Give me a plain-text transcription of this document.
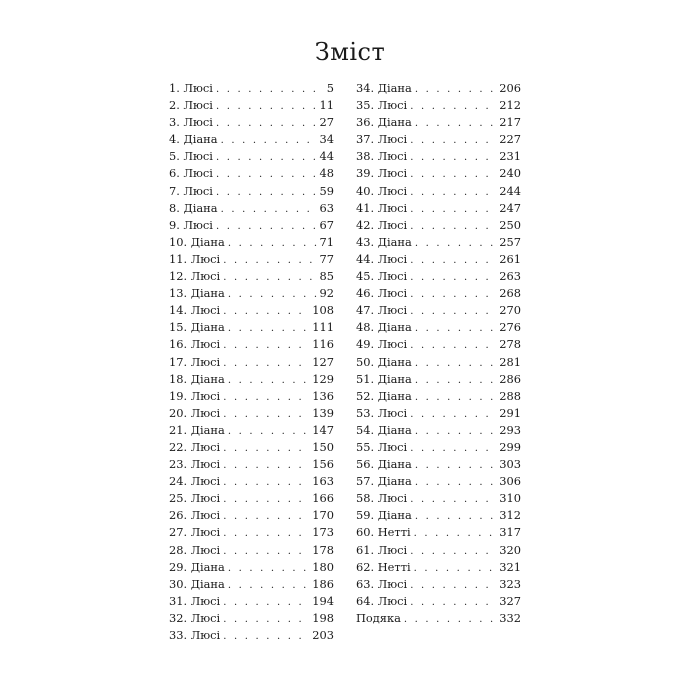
Зміст
1. Люсі . . .	5
2. Люсі . . .	11
3. Люсі . . .	27
4. Діана . . .	34
5. Люсі . . .	44
6. Люсі . . .	48
7. Люсі . . .	59
8. Діана . . .	63
9. Люсі . . .	67
10. Діана . . .	71
11. Люсі . . .	77
12. Люсі . . .	85
13. Діана . . .	92
14. Люсі . . .	108
15. Діана . . .	111
16. Люсі . . .	116
17. Люсі . . .	127
18. Діана . . .	129
19. Люсі . . .	136
20. Люсі . . .	139
21. Діана . . .	147
22. Люсі . . .	150
23. Люсі . . .	156
24. Люсі . . .	163
25. Люсі . . .	166
26. Люсі . . .	170
27. Люсі . . .	173
28. Люсі . . .	178
29. Діана . . .	180
30. Діана . . .	186
31. Люсі . . .	194
32. Люсі . . .	198
33. Люсі . . .	203
34. Діана . . .	206
35. Люсі . . .	212
36. Діана . . .	217
37. Люсі . . .	227
38. Люсі . . .	231
39. Люсі . . .	240
40. Люсі . . .	244
41. Люсі . . .	247
42. Люсі . . .	250
43. Діана . . .	257
44. Люсі . . .	261
45. Люсі . . .	263
46. Люсі . . .	268
47. Люсі . . .	270
48. Діана . . .	276
49. Люсі . . .	278
50. Діана . . .	281
51. Діана . . .	286
52. Діана . . .	288
53. Люсі . . .	291
54. Діана . . .	293
55. Люсі . . .	299
56. Діана . . .	303
57. Діана . . .	306
58. Люсі . . .	310
59. Діана . . .	312
60. Нетті . . .	317
61. Люсі . . .	320
62. Нетті . . .	321
63. Люсі . . .	323
64. Люсі . . .	327
Подяка . . .	332
